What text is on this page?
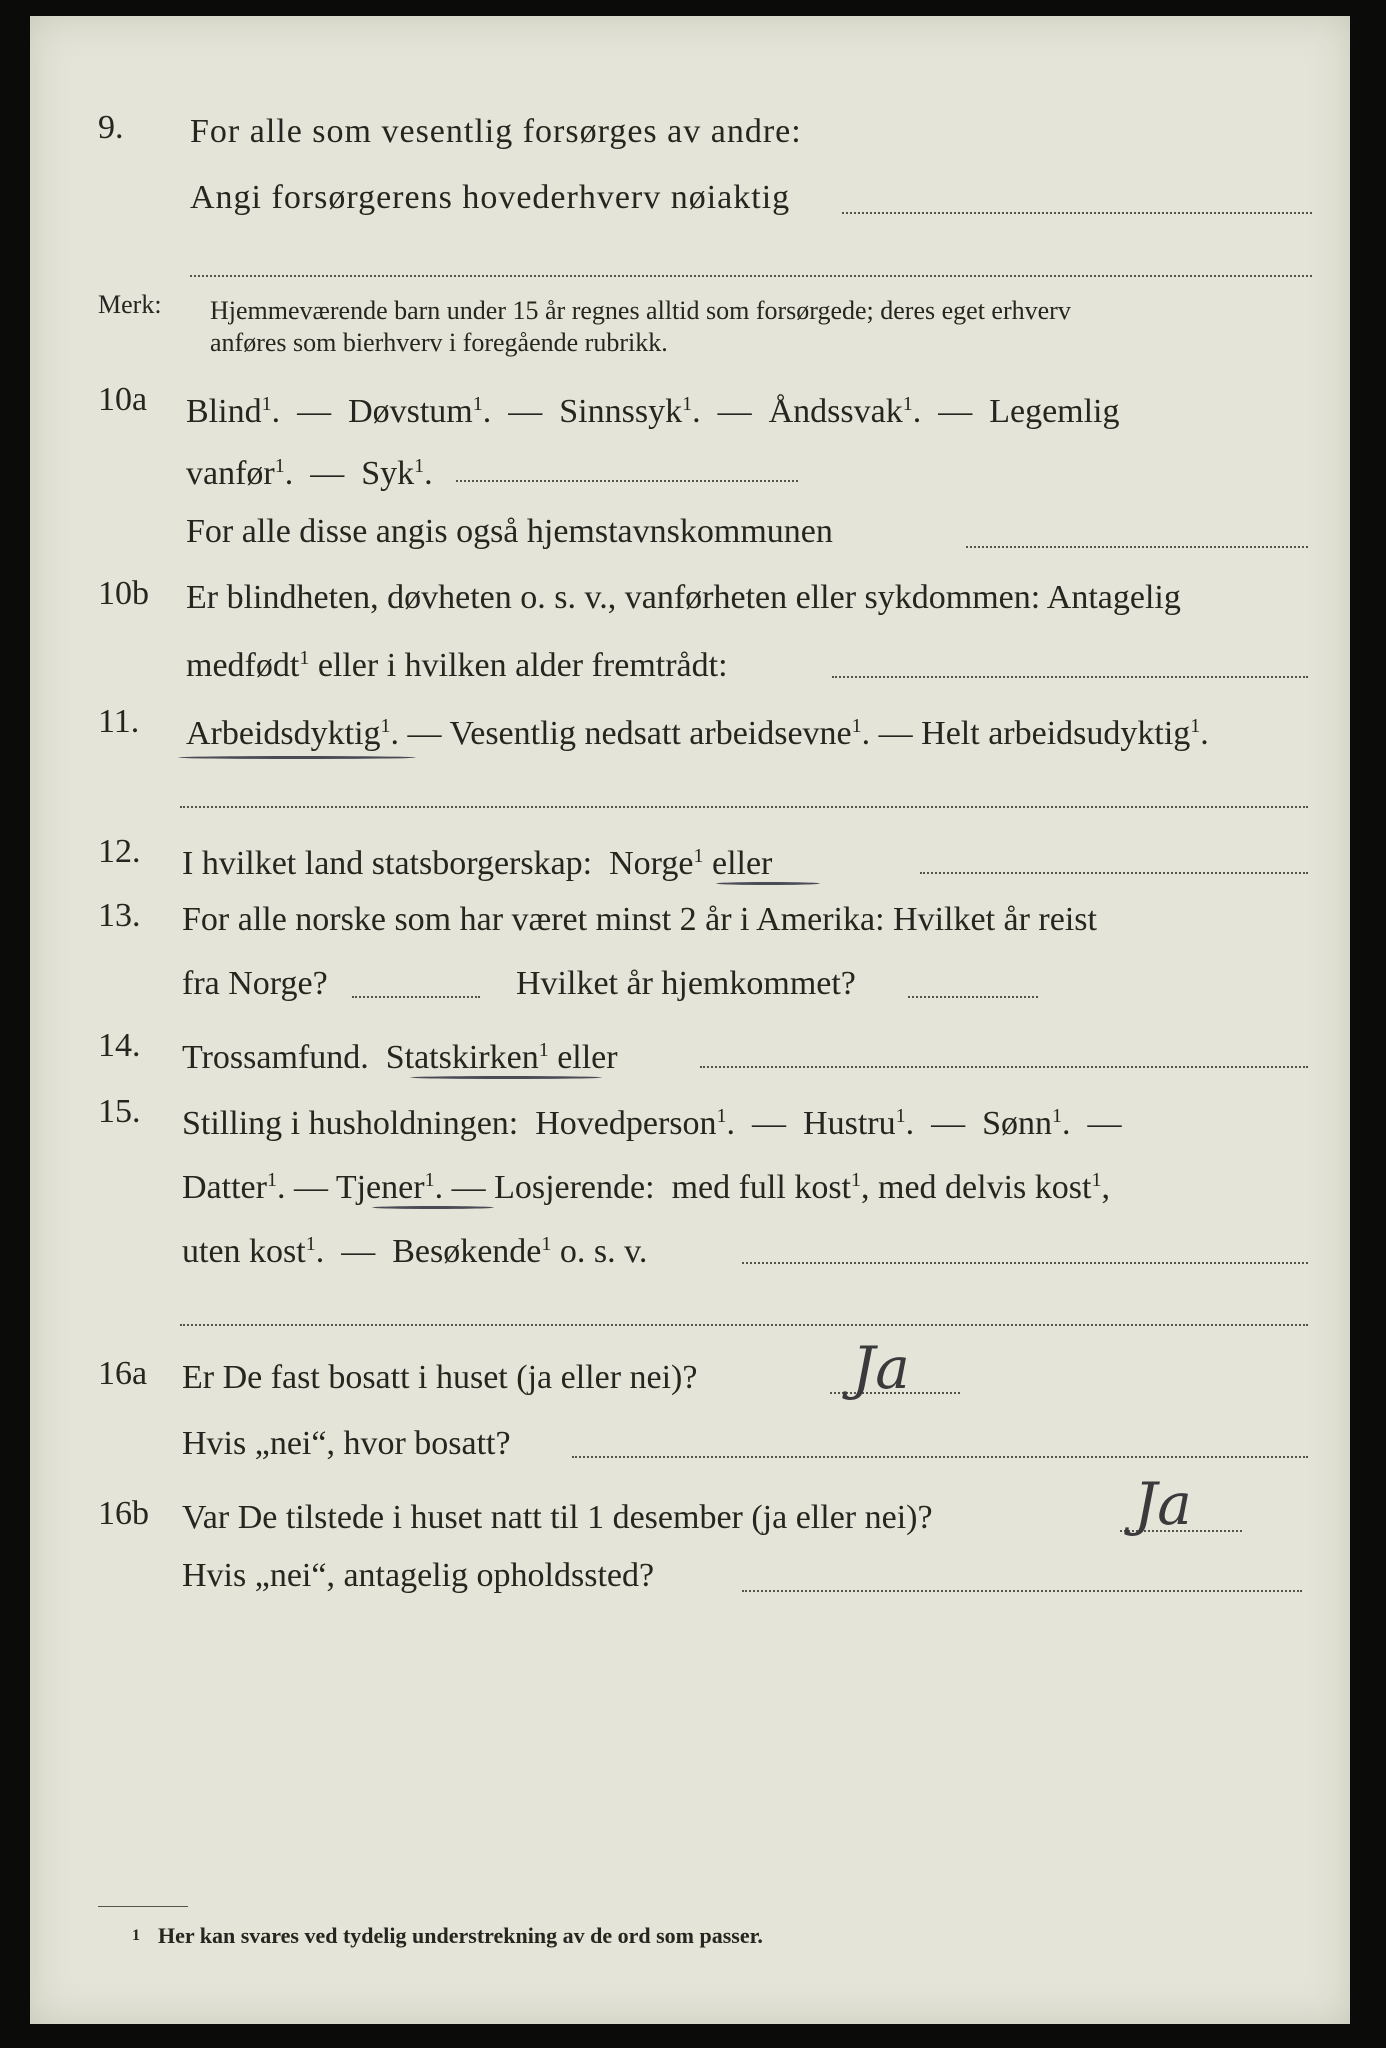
9. For alle som vesentlig forsørges av andre:
Angi forsørgerens hovederhverv nøiaktig
Merk: Hjemmeværende barn under 15 år regnes alltid som forsørgede; deres eget erhverv
anføres som bierhverv i foregående rubrikk.
10a Blind$^1$.  — Døvstum$^1$.  — Sinnssyk$^1$.  — Åndssvak$^1$.  — Legemlig
vanfør$^1$.  — Syk$^1$.
For alle disse angis også hjemstavnskommunen
10b Er blindheten, døvheten o. s. v., vanførheten eller sykdommen: Antagelig
medfødt$^1$ eller i hvilken alder fremtrådt:
11. Arbeidsdyktig$^1$. — Vesentlig nedsatt arbeidsevne$^1$. — Helt arbeidsudyktig$^1$.
12. I hvilket land statsborgerskap: Norge$^1$ eller
13. For alle norske som har været minst 2 år i Amerika: Hvilket år reist
fra Norge?	Hvilket år hjemkommet?
14. Trossamfund. Statskirken$^1$ eller
15. Stilling i husholdningen: Hovedperson$^1$.  — Hustru$^1$.  — Sønn$^1$.  —
Datter$^1$. — Tjener$^1$. — Losjerende: med full kost$^1$, med delvis kost$^1$,
uten kost$^1$.  — Besøkende$^1$ o. s. v.
16a Er De fast bosatt i huset (ja eller nei)?	Ja
Hvis „nei“, hvor bosatt?
16b Var De tilstede i huset natt til 1 desember (ja eller nei)?	Ja
Hvis „nei“, antagelig opholdssted?
1 Her kan svares ved tydelig understrekning av de ord som passer.
